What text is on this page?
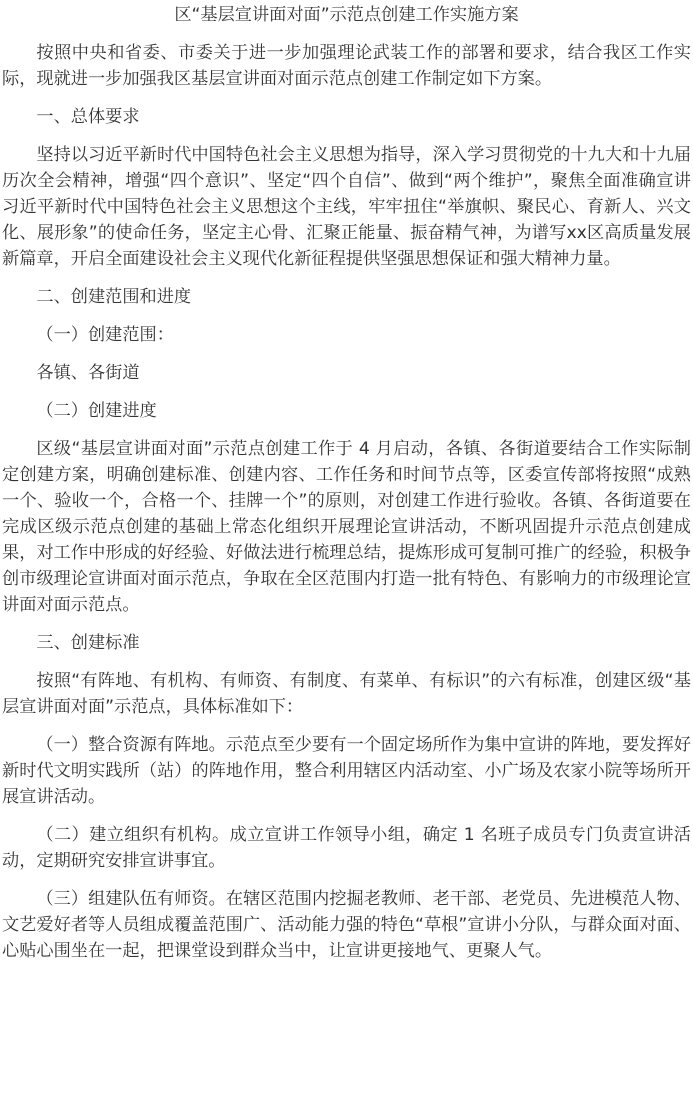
区“基层宣讲面对面”示范点创建工作实施方案

按照中央和省委、市委关于进一步加强理论武装工作的部署和要求，结合我区工作实际，现就进一步加强我区基层宣讲面对面示范点创建工作制定如下方案。

一、总体要求

坚持以习近平新时代中国特色社会主义思想为指导，深入学习贯彻党的十九大和十九届历次全会精神，增强“四个意识”、坚定“四个自信”、做到“两个维护”，聚焦全面准确宣讲习近平新时代中国特色社会主义思想这个主线，牢牢扭住“举旗帜、聚民心、育新人、兴文化、展形象”的使命任务，坚定主心骨、汇聚正能量、振奋精气神，为谱写xx区高质量发展新篇章，开启全面建设社会主义现代化新征程提供坚强思想保证和强大精神力量。

二、创建范围和进度

（一）创建范围：

各镇、各街道

（二）创建进度

区级“基层宣讲面对面”示范点创建工作于 4 月启动，各镇、各街道要结合工作实际制定创建方案，明确创建标准、创建内容、工作任务和时间节点等，区委宣传部将按照“成熟一个、验收一个，合格一个、挂牌一个”的原则，对创建工作进行验收。各镇、各街道要在完成区级示范点创建的基础上常态化组织开展理论宣讲活动，不断巩固提升示范点创建成果，对工作中形成的好经验、好做法进行梳理总结，提炼形成可复制可推广的经验，积极争创市级理论宣讲面对面示范点，争取在全区范围内打造一批有特色、有影响力的市级理论宣讲面对面示范点。

三、创建标准

按照“有阵地、有机构、有师资、有制度、有菜单、有标识”的六有标准，创建区级“基层宣讲面对面”示范点，具体标准如下：

（一）整合资源有阵地。示范点至少要有一个固定场所作为集中宣讲的阵地，要发挥好新时代文明实践所（站）的阵地作用，整合利用辖区内活动室、小广场及农家小院等场所开展宣讲活动。

（二）建立组织有机构。成立宣讲工作领导小组，确定 1 名班子成员专门负责宣讲活动，定期研究安排宣讲事宜。

（三）组建队伍有师资。在辖区范围内挖掘老教师、老干部、老党员、先进模范人物、文艺爱好者等人员组成覆盖范围广、活动能力强的特色“草根”宣讲小分队，与群众面对面、心贴心围坐在一起，把课堂设到群众当中，让宣讲更接地气、更聚人气。
